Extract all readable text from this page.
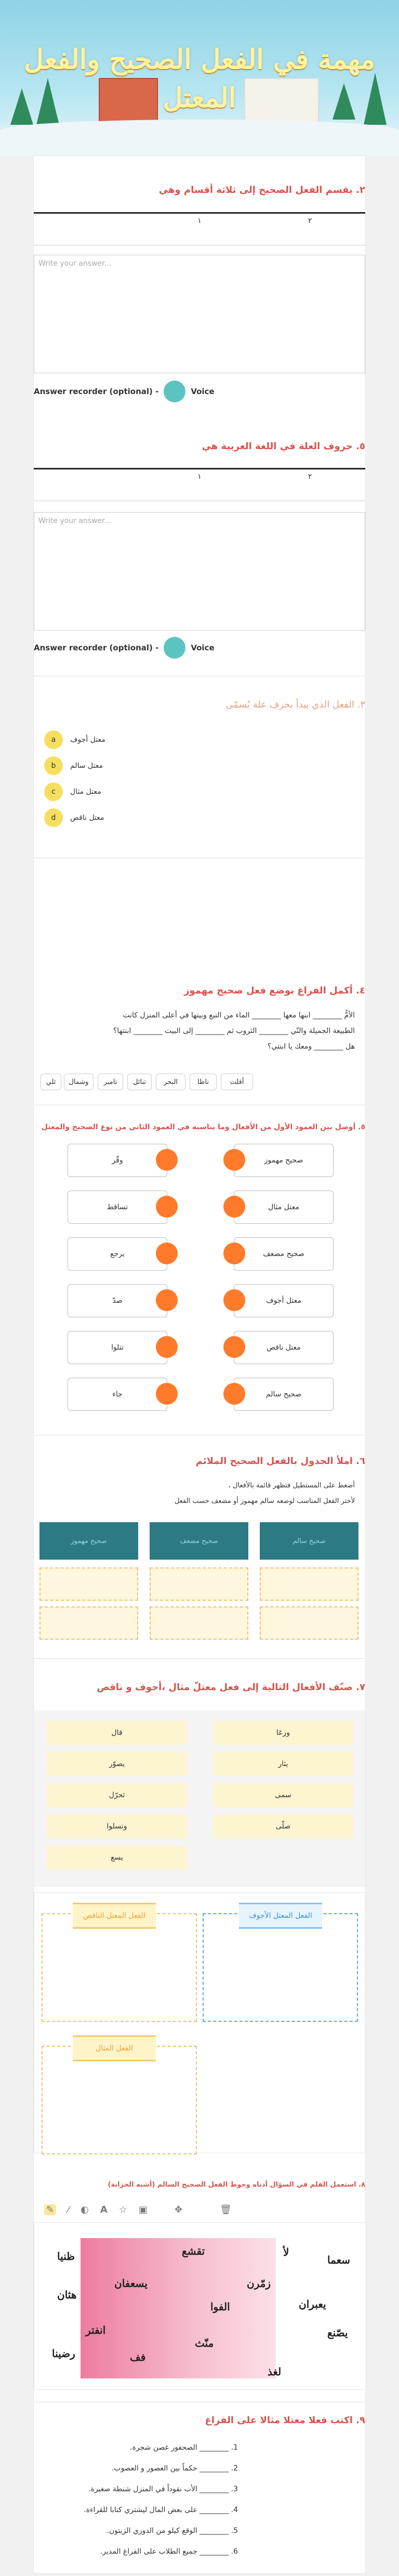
مهمة في الفعل الصحيح والفعل المعتل
٢. يقسم الفعل الصحيح إلى ثلاثة أقسام وهي
١	٢
Write your answer...
Answer recorder (optional) -	Voice
٥. حروف العلة في اللغة العربية هي
١	٢
Write your answer...
Answer recorder (optional) -	Voice
٣. الفعل الذي يبدأ بحرف علة يُسمّى
a	معتل أجوف
b	معتل سالم
c	معتل مثال
d	معتل ناقص
٤. أكمل الفراغ بوضع فعل صحيح مهموز
الأمُّ ________ ابنها معها ________ الماء من النبع وبيتها في أعلى المنزل كانت
الطبيعة الجميلة والنّي ________ الثروب ثم ________ إلى البيت ________ ابنتها؟
هل ________ ومعك يا ابنتي؟
أقلت
ناظا
البحر
تنائل
تامبر
وشمال
ثلي
٥. أوصل بين العمود الأول من الأفعال وما يناسبه في العمود الثاني من نوع الصحيح والمعتل
صحيح مهموز
معتل مثال
صحيح مضعف
معتل أجوف
معتل ناقص
صحيح سالم
وقّر
تساقط
يرجع
صدّ
تتلوا
جاء
٦. املأ الجدول بالفعل الصحيح الملائم
أضغط على المستطيل فتظهر قائمة بالأفعال ،
لأختر الفعل المناسب لوضعه سالم مهموز أو مضعف حسب الفعل
صحيح سالم
صحيح مضعف
صحيح مهموز
٧. صنّف الأفعال التالية إلى فعل معتلّ مثال ،أجوف و ناقص
ورعَا
قال
يثار
يصوّر
سمى
ثحرّل
صلّى
ونسلوا
يسع
الفعل المعتل الأجوف
الفعل المعتل الناقص
الفعل المثال
٨. استعمل القلم في السؤال أدناه وحوط الفعل الصحيح السالم (أشبه الخزانة)
✎ ⁄ ◐ A ☆ ▣	✥	🗑
سعما
لأ
تقشع
ظنيا
زمّرن
يسعفان
يعبران
هثان
الفوا
يصّنع
انفتر
منّث
رضينا	فف
لغذ
٩. اكتب فعلا معتلا مثالا على الفراغ
1. ________ الصحفور غصن شجرة.
2. ________ حكماً بين العصور و العصوب.
3. ________ الأب نقوداً في المنزل شنطة صغيرة.
4. ________ على بعض المال ليشتري كتابا للقراءة.
5. ________ الوقع كيلو من الدوري الزيتون.
6. ________ جميع الطلاب على الفراغ المدير.
